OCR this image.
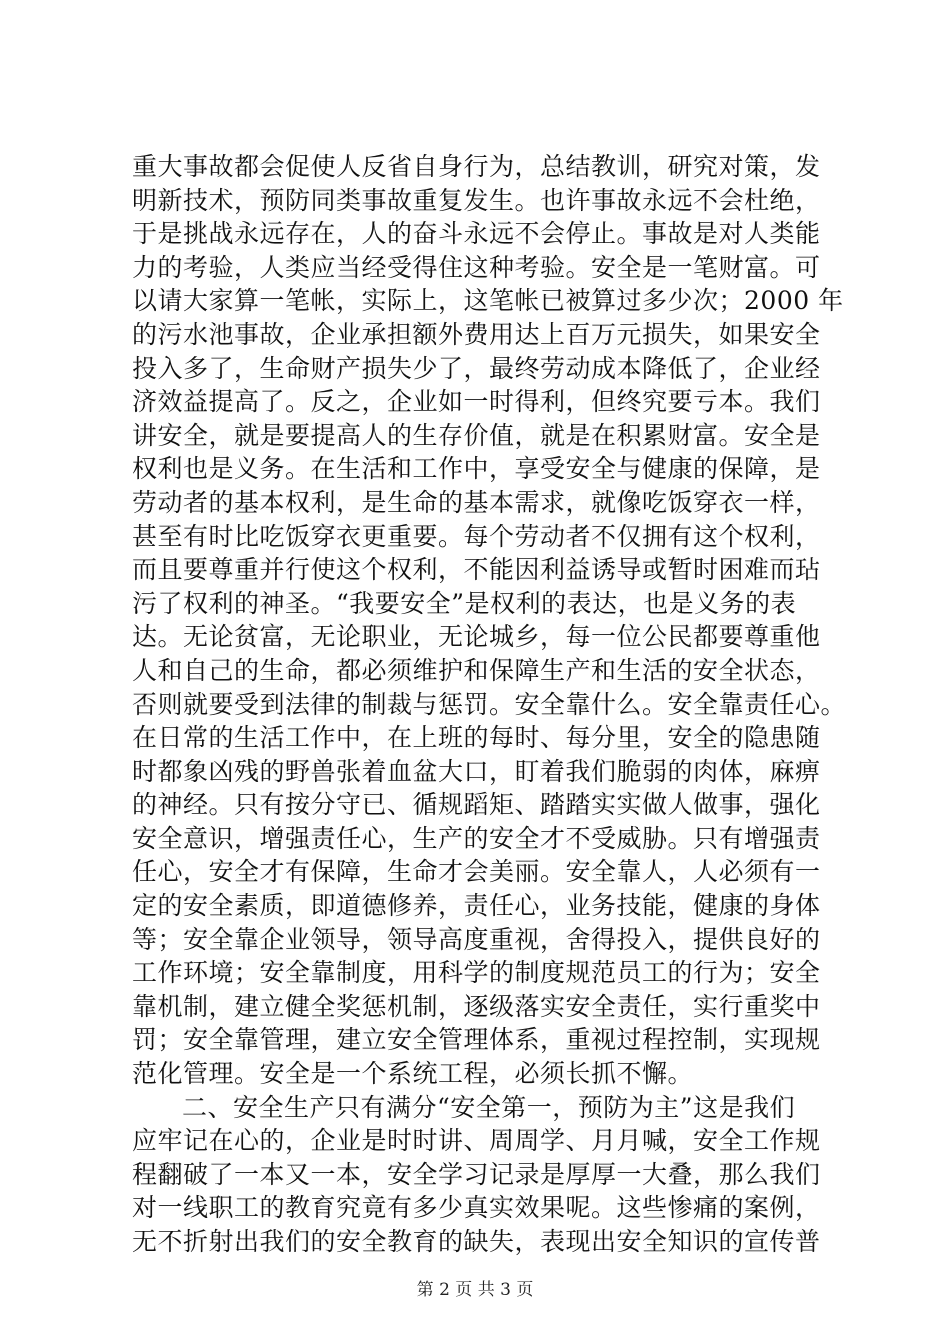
重大事故都会促使人反省自身行为，总结教训，研究对策，发
明新技术，预防同类事故重复发生。也许事故永远不会杜绝，
于是挑战永远存在，人的奋斗永远不会停止。事故是对人类能
力的考验，人类应当经受得住这种考验。安全是一笔财富。可
以请大家算一笔帐，实际上，这笔帐已被算过多少次；2000 年
的污水池事故，企业承担额外费用达上百万元损失，如果安全
投入多了，生命财产损失少了，最终劳动成本降低了，企业经
济效益提高了。反之，企业如一时得利，但终究要亏本。我们
讲安全，就是要提高人的生存价值，就是在积累财富。安全是
权利也是义务。在生活和工作中，享受安全与健康的保障，是
劳动者的基本权利，是生命的基本需求，就像吃饭穿衣一样，
甚至有时比吃饭穿衣更重要。每个劳动者不仅拥有这个权利，
而且要尊重并行使这个权利，不能因利益诱导或暂时困难而玷
污了权利的神圣。“我要安全”是权利的表达，也是义务的表
达。无论贫富，无论职业，无论城乡，每一位公民都要尊重他
人和自己的生命，都必须维护和保障生产和生活的安全状态，
否则就要受到法律的制裁与惩罚。安全靠什么。安全靠责任心。
在日常的生活工作中，在上班的每时、每分里，安全的隐患随
时都象凶残的野兽张着血盆大口，盯着我们脆弱的肉体，麻痹
的神经。只有按分守已、循规蹈矩、踏踏实实做人做事，强化
安全意识，增强责任心，生产的安全才不受威胁。只有增强责
任心，安全才有保障，生命才会美丽。安全靠人，人必须有一
定的安全素质，即道德修养，责任心，业务技能，健康的身体
等；安全靠企业领导，领导高度重视，舍得投入，提供良好的
工作环境；安全靠制度，用科学的制度规范员工的行为；安全
靠机制，建立健全奖惩机制，逐级落实安全责任，实行重奖中
罚；安全靠管理，建立安全管理体系，重视过程控制，实现规
范化管理。安全是一个系统工程，必须长抓不懈。
二、安全生产只有满分“安全第一，预防为主”这是我们
应牢记在心的，企业是时时讲、周周学、月月喊，安全工作规
程翻破了一本又一本，安全学习记录是厚厚一大叠，那么我们
对一线职工的教育究竟有多少真实效果呢。这些惨痛的案例，
无不折射出我们的安全教育的缺失，表现出安全知识的宣传普
第 2 页 共 3 页
